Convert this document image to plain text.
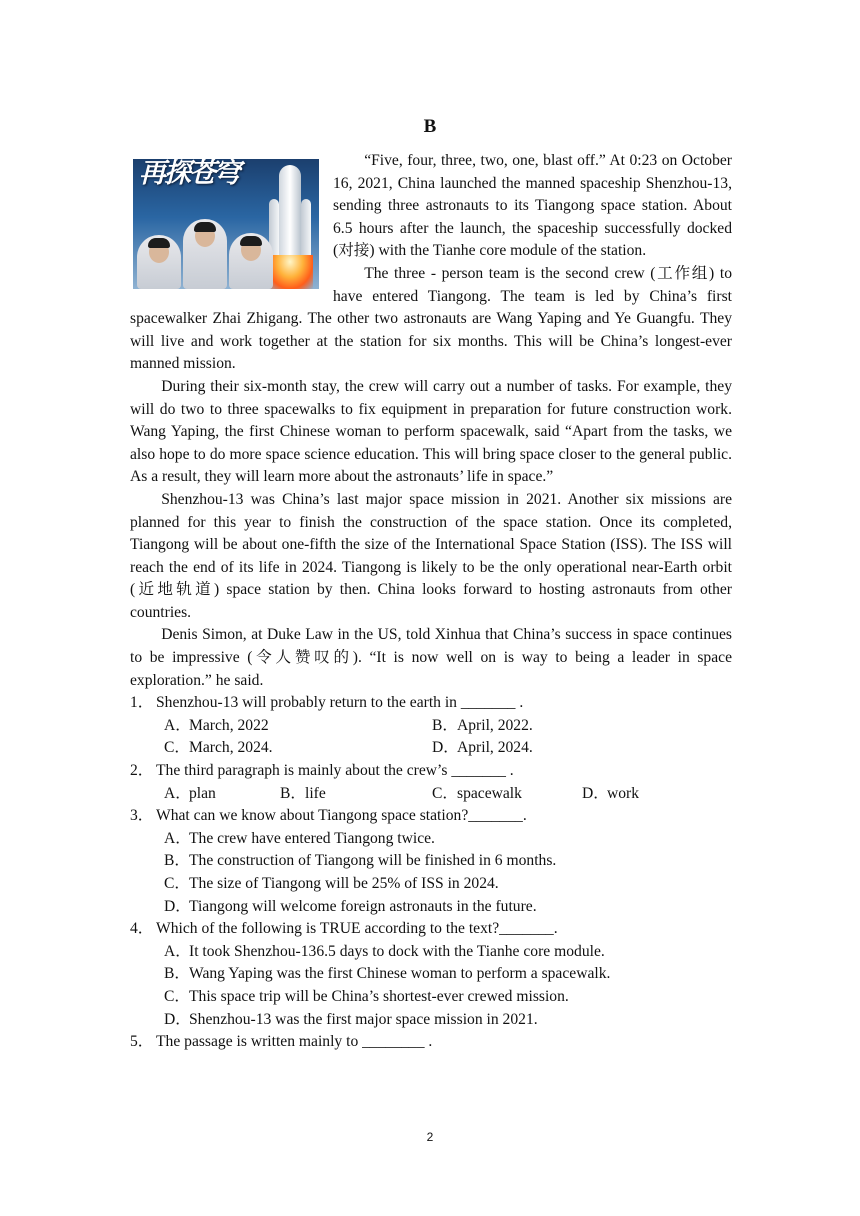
B
再探苍穹	“Five, four, three, two, one, blast off.” At 0:23 on October 16, 2021, China launched the manned spaceship Shenzhou-13, sending three astronauts to its Tiangong space station. About 6.5 hours after the launch, the spaceship successfully docked (对接) with the Tianhe core module of the station.

The three - person team is the second crew (工作组) to have entered Tiangong. The team is led by China’s first spacewalker Zhai Zhigang. The other two astronauts are Wang Yaping and Ye Guangfu. They will live and work together at the station for six months. This will be China’s longest-ever manned mission.

During their six-month stay, the crew will carry out a number of tasks. For example, they will do two to three spacewalks to fix equipment in preparation for future construction work. Wang Yaping, the first Chinese woman to perform spacewalk, said “Apart from the tasks, we also hope to do more space science education. This will bring space closer to the general public. As a result, they will learn more about the astronauts’ life in space.”

Shenzhou-13 was China’s last major space mission in 2021. Another six missions are planned for this year to finish the construction of the space station. Once its completed, Tiangong will be about one-fifth the size of the International Space Station (ISS). The ISS will reach the end of its life in 2024. Tiangong is likely to be the only operational near-Earth orbit (近地轨道) space station by then. China looks forward to hosting astronauts from other countries.

Denis Simon, at Duke Law in the US, told Xinhua that China’s success in space continues to be impressive (令人赞叹的). “It is now well on is way to being a leader in space exploration.” he said.

1． Shenzhou-13 will probably return to the earth in _______ .
A．March, 2022	B．April, 2022.
C．March, 2024.	D．April, 2024.
2． The third paragraph is mainly about the crew’s _______ .
A．plan	B．life	C．spacewalk	D．work
3． What can we know about Tiangong space station?_______.
A．The crew have entered Tiangong twice.
B．The construction of Tiangong will be finished in 6 months.
C．The size of Tiangong will be 25% of ISS in 2024.
D．Tiangong will welcome foreign astronauts in the future.
4． Which of the following is TRUE according to the text?_______.
A．It took Shenzhou-136.5 days to dock with the Tianhe core module.
B．Wang Yaping was the first Chinese woman to perform a spacewalk.
C．This space trip will be China’s shortest-ever crewed mission.
D．Shenzhou-13 was the first major space mission in 2021.
5． The passage is written mainly to ________ .
2
